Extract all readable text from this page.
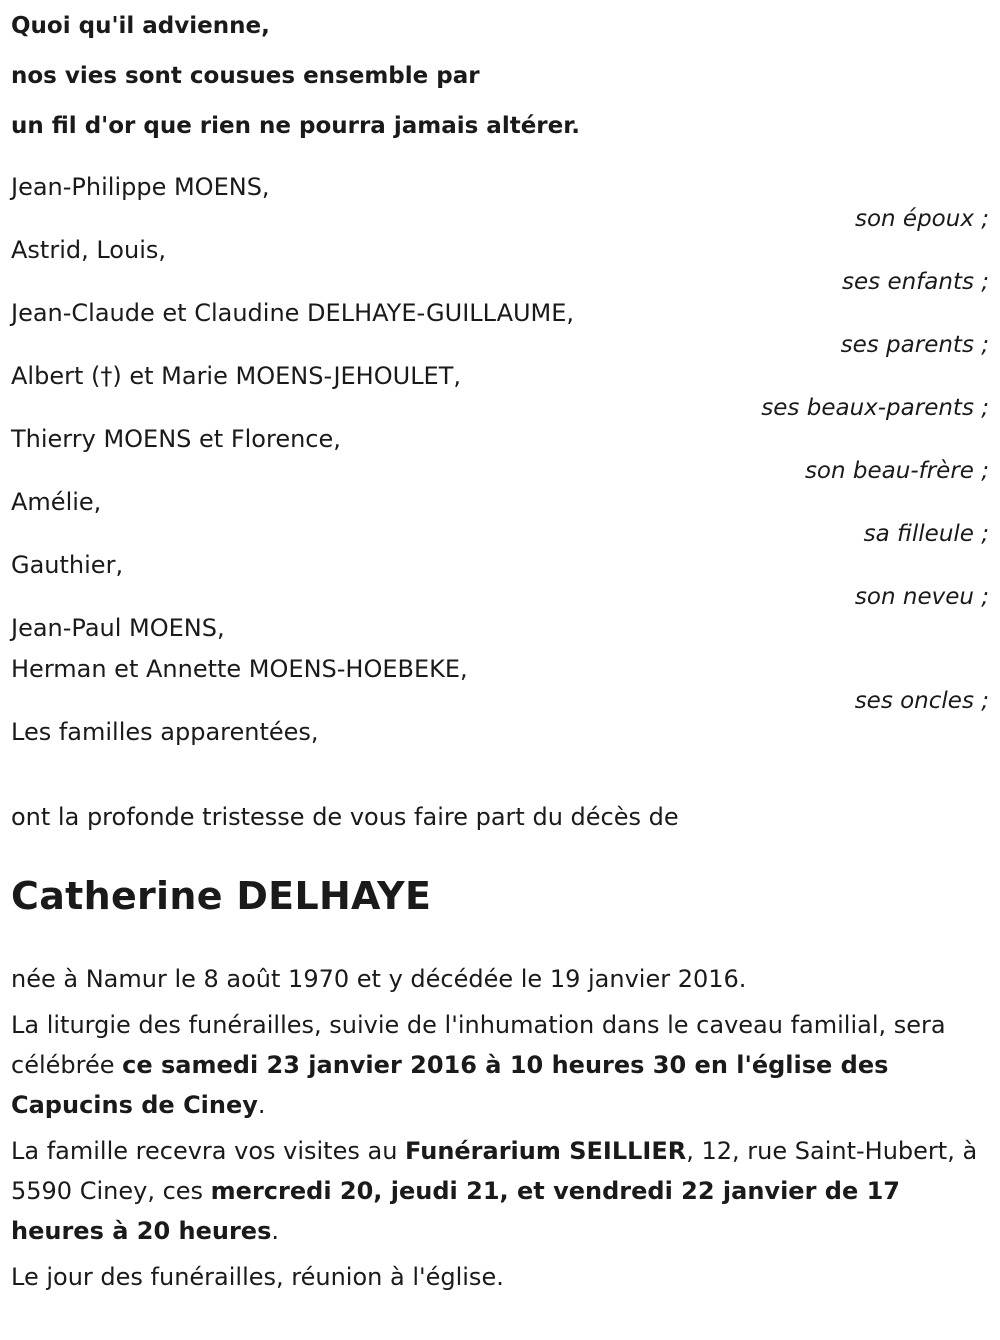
Quoi qu'il advienne,
nos vies sont cousues ensemble par
un fil d'or que rien ne pourra jamais altérer.
Jean-Philippe MOENS,
son époux ;
Astrid, Louis,
ses enfants ;
Jean-Claude et Claudine DELHAYE-GUILLAUME,
ses parents ;
Albert (†) et Marie MOENS-JEHOULET,
ses beaux-parents ;
Thierry MOENS et Florence,
son beau-frère ;
Amélie,
sa filleule ;
Gauthier,
son neveu ;
Jean-Paul MOENS,
Herman et Annette MOENS-HOEBEKE,
ses oncles ;
Les familles apparentées,
ont la profonde tristesse de vous faire part du décès de
Catherine DELHAYE

née à Namur le 8 août 1970 et y décédée le 19 janvier 2016.

La liturgie des funérailles, suivie de l'inhumation dans le caveau familial, sera célébrée ce samedi 23 janvier 2016 à 10 heures 30 en l'église des Capucins de Ciney.

La famille recevra vos visites au Funérarium SEILLIER, 12, rue Saint-Hubert, à 5590 Ciney, ces mercredi 20, jeudi 21, et vendredi 22 janvier de 17 heures à 20 heures.

Le jour des funérailles, réunion à l'église.
